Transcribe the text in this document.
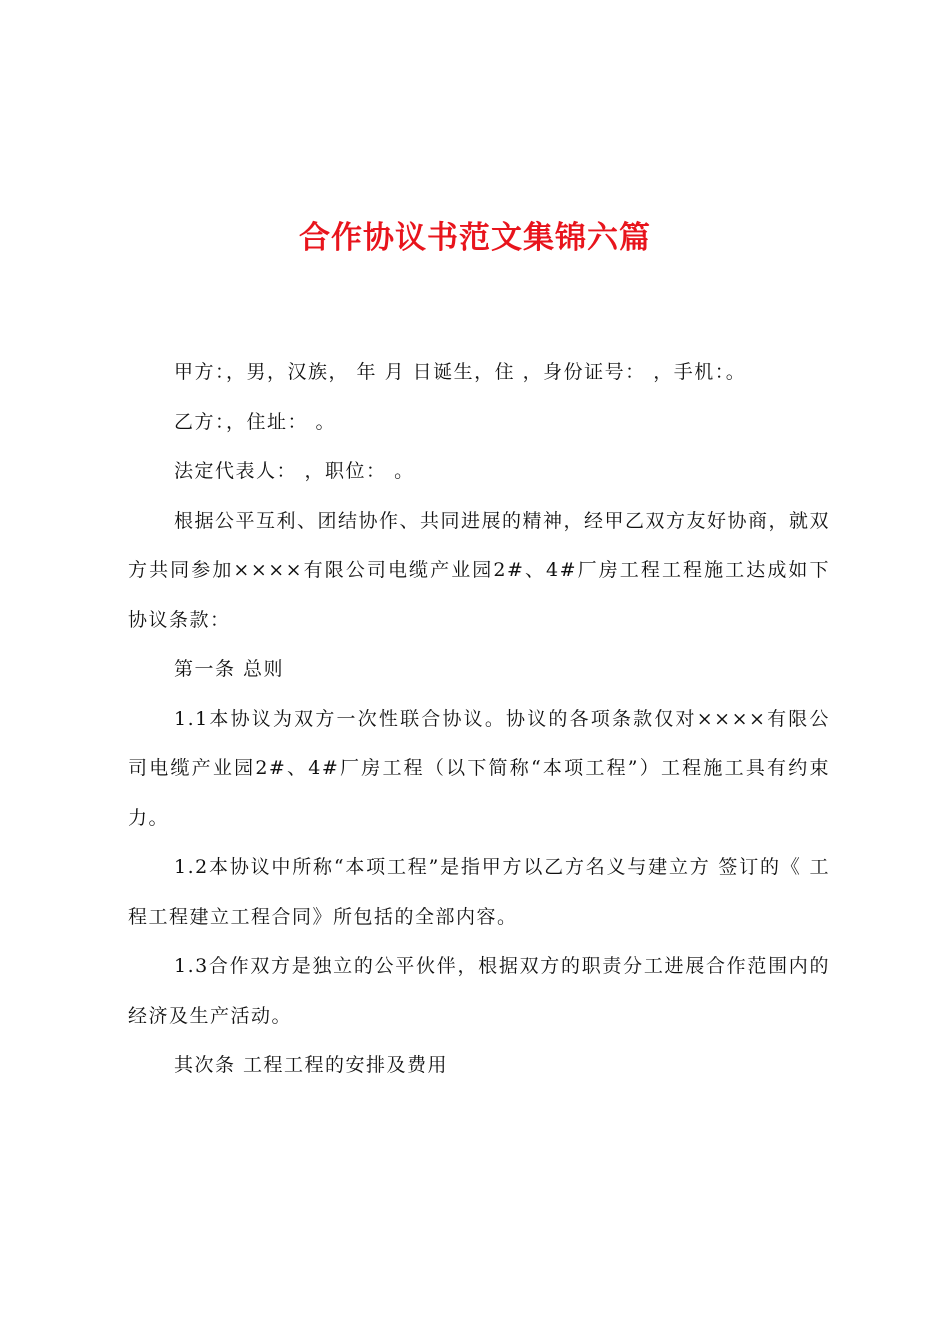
合作协议书范文集锦六篇

甲方：，男，汉族， 年 月 日诞生，住 ，身份证号： ，手机：。

乙方：，住址： 。

法定代表人： ，职位： 。

根据公平互利、团结协作、共同进展的精神，经甲乙双方友好协商，就双方共同参加××××有限公司电缆产业园2#、4#厂房工程工程施工达成如下协议条款：

第一条 总则

1.1本协议为双方一次性联合协议。协议的各项条款仅对××××有限公司电缆产业园2#、4#厂房工程（以下简称“本项工程”）工程施工具有约束力。

1.2本协议中所称“本项工程”是指甲方以乙方名义与建立方 签订的《 工程工程建立工程合同》所包括的全部内容。

1.3合作双方是独立的公平伙伴，根据双方的职责分工进展合作范围内的经济及生产活动。

其次条 工程工程的安排及费用
